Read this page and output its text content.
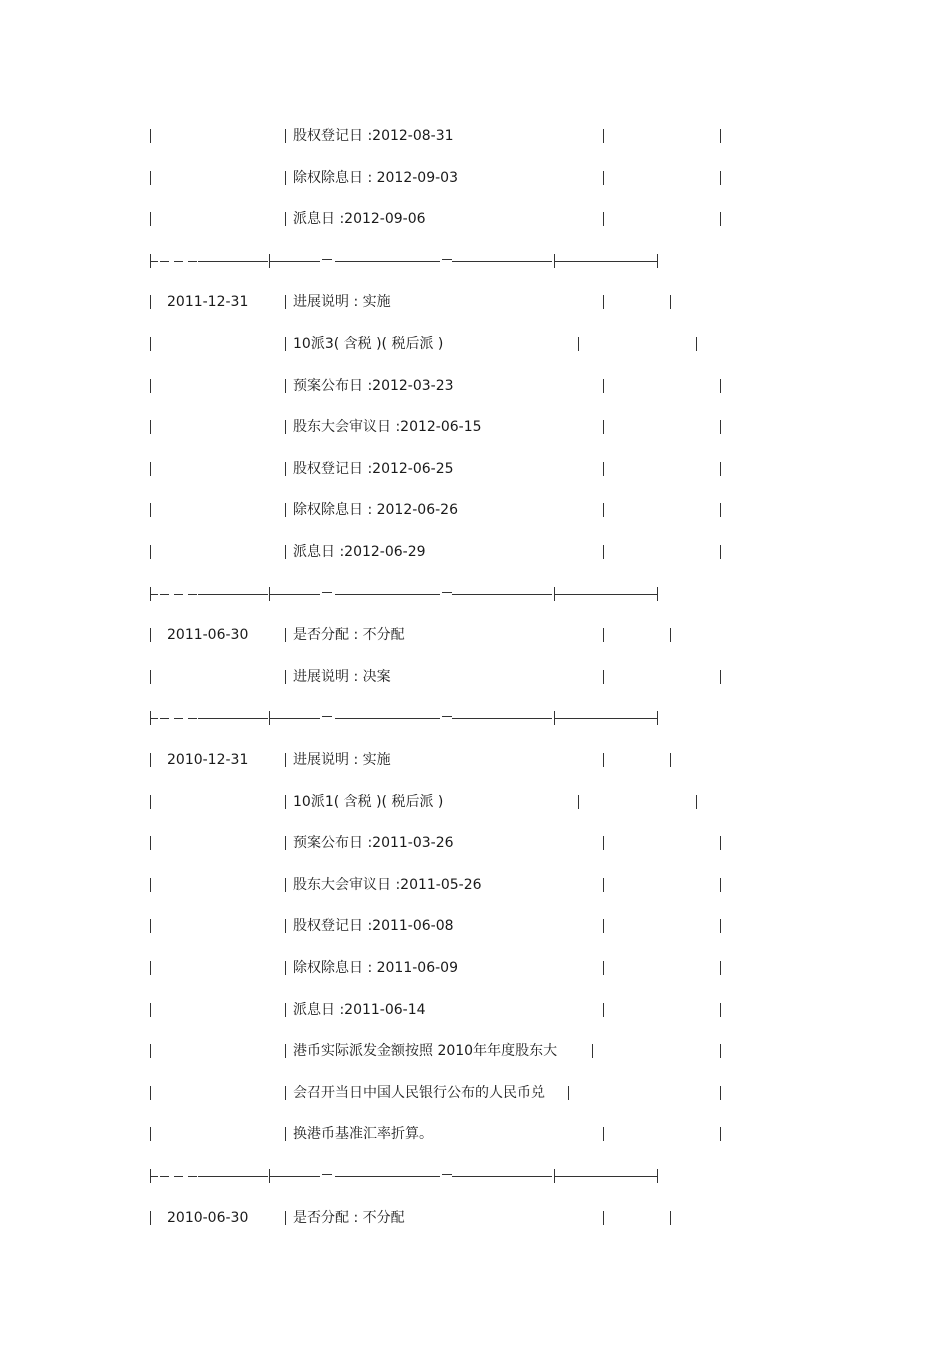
股权登记日 :2012-08-31
除权除息日 : 2012-09-03
派息日 :2012-09-06
2011-12-31	进展说明 : 实施
10派3( 含税 )( 税后派 )
预案公布日 :2012-03-23
股东大会审议日 :2012-06-15
股权登记日 :2012-06-25
除权除息日 : 2012-06-26
派息日 :2012-06-29
2011-06-30	是否分配 : 不分配
进展说明 : 决案
2010-12-31	进展说明 : 实施
10派1( 含税 )( 税后派 )
预案公布日 :2011-03-26
股东大会审议日 :2011-05-26
股权登记日 :2011-06-08
除权除息日 : 2011-06-09
派息日 :2011-06-14
港币实际派发金额按照 2010年年度股东大
会召开当日中国人民银行公布的人民币兑
换港币基准汇率折算。
2010-06-30	是否分配 : 不分配
